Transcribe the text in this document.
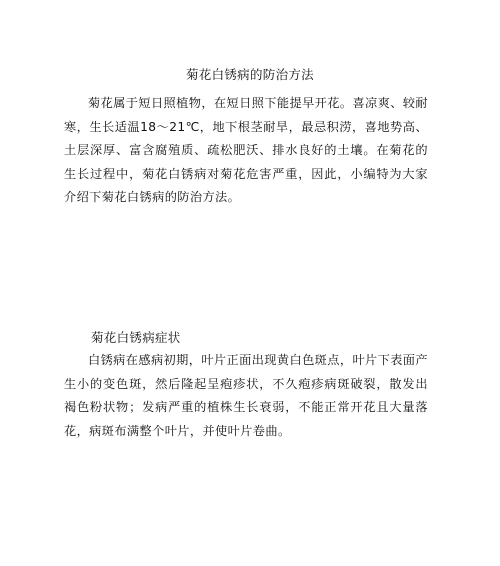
菊花白锈病的防治方法

菊花属于短日照植物，在短日照下能提早开花。喜凉爽、较耐寒，生长适温18～21℃，地下根茎耐旱，最忌积涝，喜地势高、土层深厚、富含腐殖质、疏松肥沃、排水良好的土壤。在菊花的生长过程中，菊花白锈病对菊花危害严重，因此，小编特为大家介绍下菊花白锈病的防治方法。

菊花白锈病症状

白锈病在感病初期，叶片正面出现黄白色斑点，叶片下表面产生小的变色斑，然后隆起呈疱疹状，不久疱疹病斑破裂，散发出褐色粉状物；发病严重的植株生长衰弱，不能正常开花且大量落花，病斑布满整个叶片，并使叶片卷曲。
